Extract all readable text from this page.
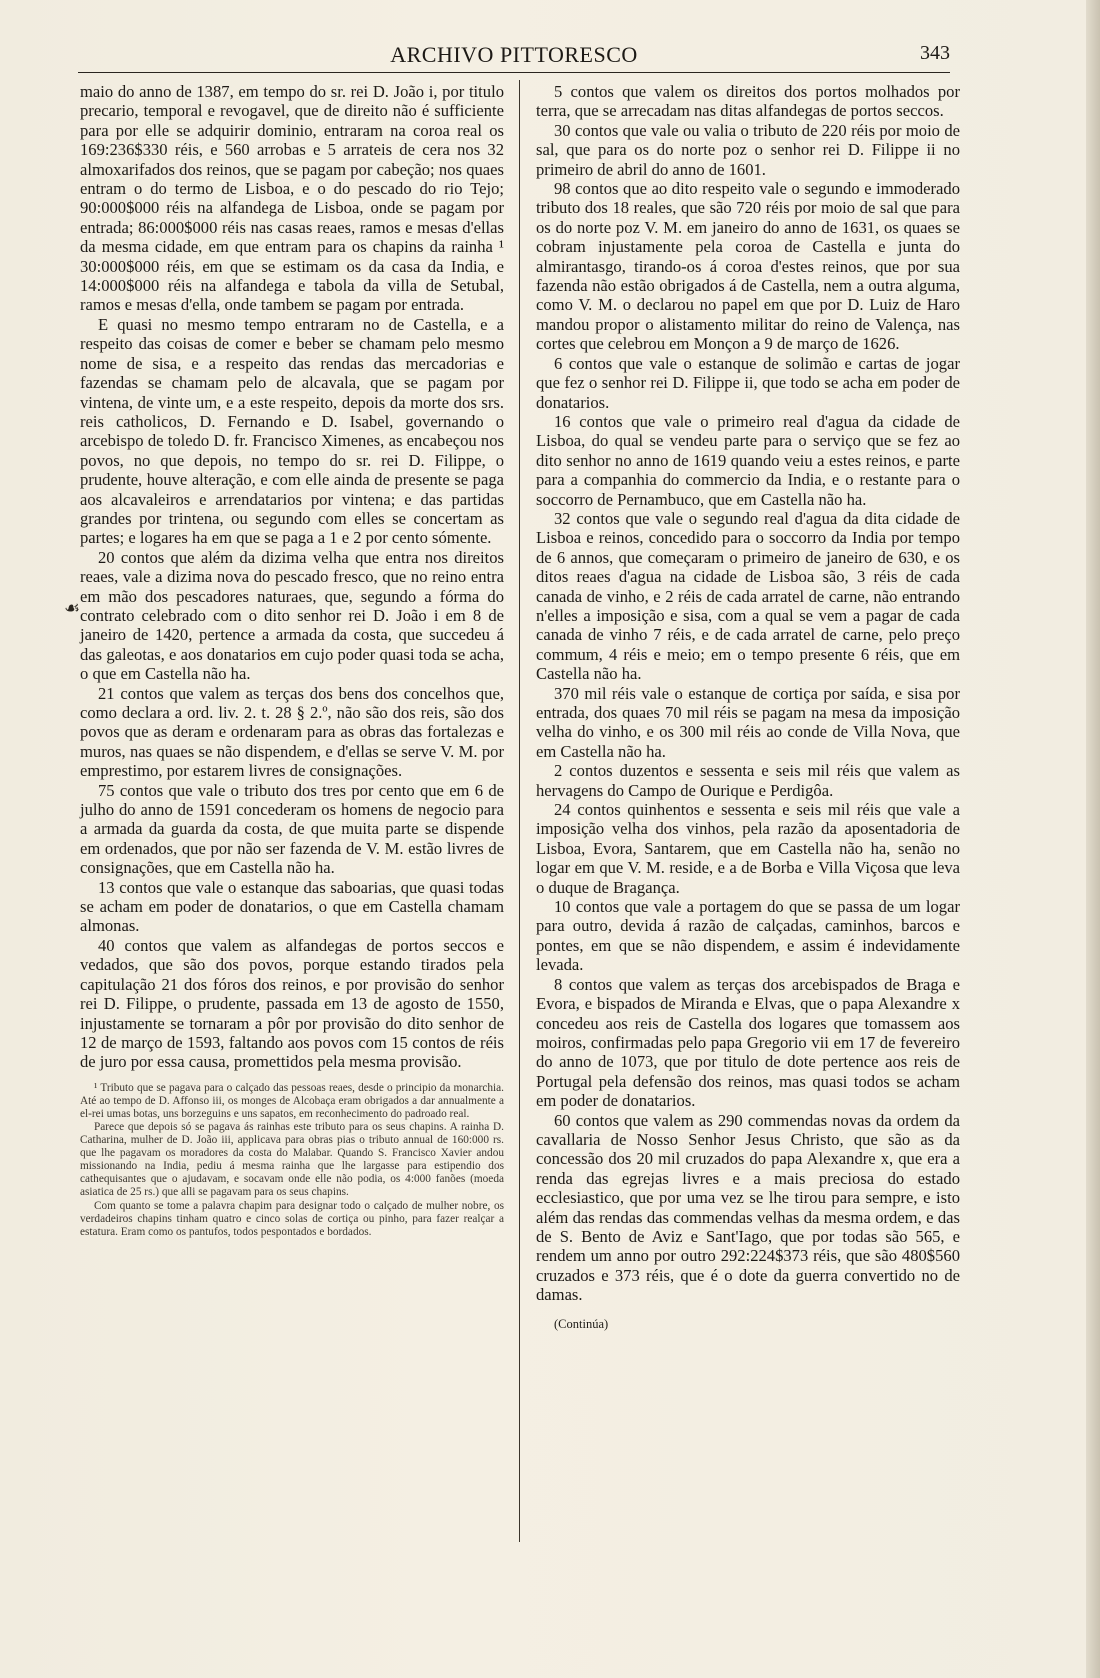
ARCHIVO PITTORESCO	343
☙

maio do anno de 1387, em tempo do sr. rei D. João i, por titulo precario, temporal e revogavel, que de direito não é sufficiente para por elle se adquirir dominio, entraram na coroa real os 169:236$330 réis, e 560 arrobas e 5 arrateis de cera nos 32 almoxarifados dos reinos, que se pagam por cabeção; nos quaes entram o do termo de Lisboa, e o do pescado do rio Tejo; 90:000$000 réis na alfandega de Lisboa, onde se pagam por entrada; 86:000$000 réis nas casas reaes, ramos e mesas d'ellas da mesma cidade, em que entram para os chapins da rainha ¹ 30:000$000 réis, em que se estimam os da casa da India, e 14:000$000 réis na alfandega e tabola da villa de Setubal, ramos e mesas d'ella, onde tambem se pagam por entrada.

E quasi no mesmo tempo entraram no de Castella, e a respeito das coisas de comer e beber se chamam pelo mesmo nome de sisa, e a respeito das rendas das mercadorias e fazendas se chamam pelo de alcavala, que se pagam por vintena, de vinte um, e a este respeito, depois da morte dos srs. reis catholicos, D. Fernando e D. Isabel, governando o arcebispo de toledo D. fr. Francisco Ximenes, as encabeçou nos povos, no que depois, no tempo do sr. rei D. Filippe, o prudente, houve alteração, e com elle ainda de presente se paga aos alcavaleiros e arrendatarios por vintena; e das partidas grandes por trintena, ou segundo com elles se concertam as partes; e logares ha em que se paga a 1 e 2 por cento sómente.

20 contos que além da dizima velha que entra nos direitos reaes, vale a dizima nova do pescado fresco, que no reino entra em mão dos pescadores naturaes, que, segundo a fórma do contrato celebrado com o dito senhor rei D. João i em 8 de janeiro de 1420, pertence a armada da costa, que succedeu á das galeotas, e aos donatarios em cujo poder quasi toda se acha, o que em Castella não ha.

21 contos que valem as terças dos bens dos concelhos que, como declara a ord. liv. 2. t. 28 § 2.º, não são dos reis, são dos povos que as deram e ordenaram para as obras das fortalezas e muros, nas quaes se não dispendem, e d'ellas se serve V. M. por emprestimo, por estarem livres de consignações.

75 contos que vale o tributo dos tres por cento que em 6 de julho do anno de 1591 concederam os homens de negocio para a armada da guarda da costa, de que muita parte se dispende em ordenados, que por não ser fazenda de V. M. estão livres de consignações, que em Castella não ha.

13 contos que vale o estanque das saboarias, que quasi todas se acham em poder de donatarios, o que em Castella chamam almonas.

40 contos que valem as alfandegas de portos seccos e vedados, que são dos povos, porque estando tirados pela capitulação 21 dos fóros dos reinos, e por provisão do senhor rei D. Filippe, o prudente, passada em 13 de agosto de 1550, injustamente se tornaram a pôr por provisão do dito senhor de 12 de março de 1593, faltando aos povos com 15 contos de réis de juro por essa causa, promettidos pela mesma provisão.

¹ Tributo que se pagava para o calçado das pessoas reaes, desde o principio da monarchia. Até ao tempo de D. Affonso iii, os monges de Alcobaça eram obrigados a dar annualmente a el-rei umas botas, uns borzeguins e uns sapatos, em reconhecimento do padroado real.

Parece que depois só se pagava ás rainhas este tributo para os seus chapins. A rainha D. Catharina, mulher de D. João iii, applicava para obras pias o tributo annual de 160:000 rs. que lhe pagavam os moradores da costa do Malabar. Quando S. Francisco Xavier andou missionando na India, pediu á mesma rainha que lhe largasse para estipendio dos cathequisantes que o ajudavam, e socavam onde elle não podia, os 4:000 fanões (moeda asiatica de 25 rs.) que alli se pagavam para os seus chapins.

Com quanto se tome a palavra chapim para designar todo o calçado de mulher nobre, os verdadeiros chapins tinham quatro e cinco solas de cortiça ou pinho, para fazer realçar a estatura. Eram como os pantufos, todos pespontados e bordados.

5 contos que valem os direitos dos portos molhados por terra, que se arrecadam nas ditas alfandegas de portos seccos.

30 contos que vale ou valia o tributo de 220 réis por moio de sal, que para os do norte poz o senhor rei D. Filippe ii no primeiro de abril do anno de 1601.

98 contos que ao dito respeito vale o segundo e immoderado tributo dos 18 reales, que são 720 réis por moio de sal que para os do norte poz V. M. em janeiro do anno de 1631, os quaes se cobram injustamente pela coroa de Castella e junta do almirantasgo, tirando-os á coroa d'estes reinos, que por sua fazenda não estão obrigados á de Castella, nem a outra alguma, como V. M. o declarou no papel em que por D. Luiz de Haro mandou propor o alistamento militar do reino de Valença, nas cortes que celebrou em Monçon a 9 de março de 1626.

6 contos que vale o estanque de solimão e cartas de jogar que fez o senhor rei D. Filippe ii, que todo se acha em poder de donatarios.

16 contos que vale o primeiro real d'agua da cidade de Lisboa, do qual se vendeu parte para o serviço que se fez ao dito senhor no anno de 1619 quando veiu a estes reinos, e parte para a companhia do commercio da India, e o restante para o soccorro de Pernambuco, que em Castella não ha.

32 contos que vale o segundo real d'agua da dita cidade de Lisboa e reinos, concedido para o soccorro da India por tempo de 6 annos, que começaram o primeiro de janeiro de 630, e os ditos reaes d'agua na cidade de Lisboa são, 3 réis de cada canada de vinho, e 2 réis de cada arratel de carne, não entrando n'elles a imposição e sisa, com a qual se vem a pagar de cada canada de vinho 7 réis, e de cada arratel de carne, pelo preço commum, 4 réis e meio; em o tempo presente 6 réis, que em Castella não ha.

370 mil réis vale o estanque de cortiça por saída, e sisa por entrada, dos quaes 70 mil réis se pagam na mesa da imposição velha do vinho, e os 300 mil réis ao conde de Villa Nova, que em Castella não ha.

2 contos duzentos e sessenta e seis mil réis que valem as hervagens do Campo de Ourique e Perdigôa.

24 contos quinhentos e sessenta e seis mil réis que vale a imposição velha dos vinhos, pela razão da aposentadoria de Lisboa, Evora, Santarem, que em Castella não ha, senão no logar em que V. M. reside, e a de Borba e Villa Viçosa que leva o duque de Bragança.

10 contos que vale a portagem do que se passa de um logar para outro, devida á razão de calçadas, caminhos, barcos e pontes, em que se não dispendem, e assim é indevidamente levada.

8 contos que valem as terças dos arcebispados de Braga e Evora, e bispados de Miranda e Elvas, que o papa Alexandre x concedeu aos reis de Castella dos logares que tomassem aos moiros, confirmadas pelo papa Gregorio vii em 17 de fevereiro do anno de 1073, que por titulo de dote pertence aos reis de Portugal pela defensão dos reinos, mas quasi todos se acham em poder de donatarios.

60 contos que valem as 290 commendas novas da ordem da cavallaria de Nosso Senhor Jesus Christo, que são as da concessão dos 20 mil cruzados do papa Alexandre x, que era a renda das egrejas livres e a mais preciosa do estado ecclesiastico, que por uma vez se lhe tirou para sempre, e isto além das rendas das commendas velhas da mesma ordem, e das de S. Bento de Aviz e Sant'Iago, que por todas são 565, e rendem um anno por outro 292:224$373 réis, que são 480$560 cruzados e 373 réis, que é o dote da guerra convertido no de damas.

(Continúa)
